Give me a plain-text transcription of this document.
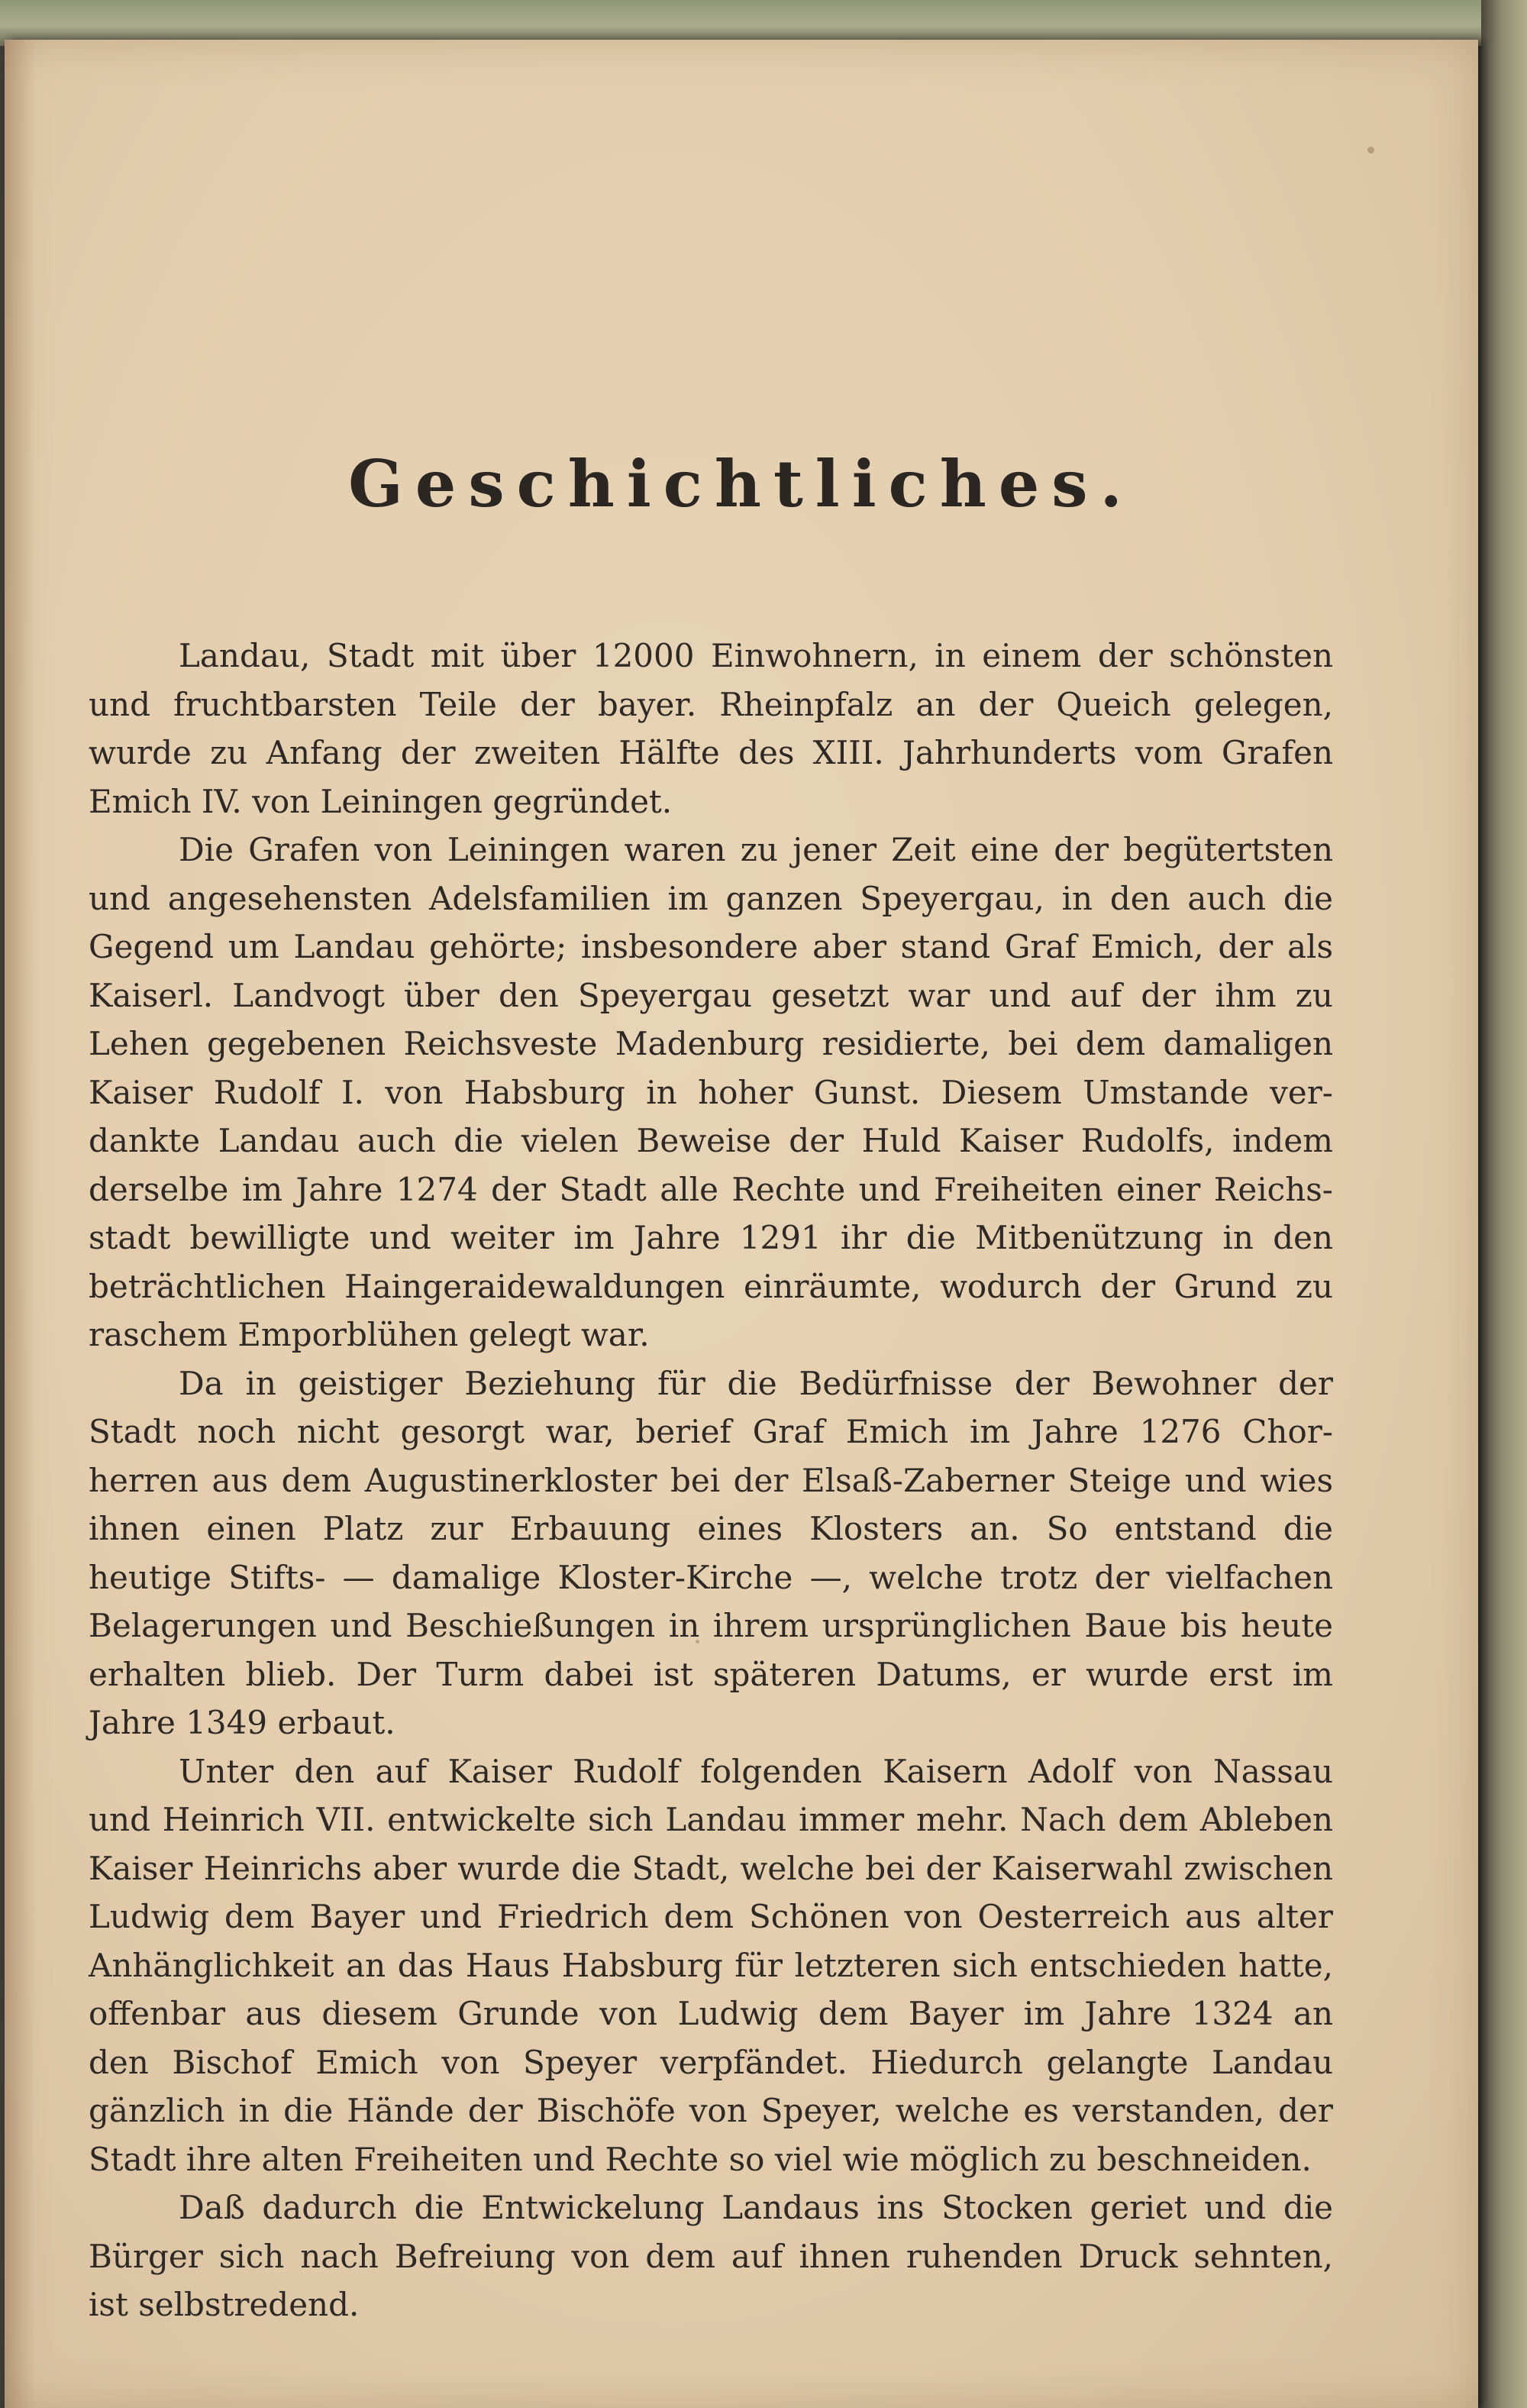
Geschichtliches.
Landau, Stadt mit über 12000 Einwohnern, in einem der schönsten
und fruchtbarsten Teile der bayer. Rheinpfalz an der Queich gelegen,
wurde zu Anfang der zweiten Hälfte des XIII. Jahrhunderts vom Grafen
Emich IV. von Leiningen gegründet.
Die Grafen von Leiningen waren zu jener Zeit eine der begütertsten
und angesehensten Adelsfamilien im ganzen Speyergau, in den auch die
Gegend um Landau gehörte; insbesondere aber stand Graf Emich, der als
Kaiserl. Landvogt über den Speyergau gesetzt war und auf der ihm zu
Lehen gegebenen Reichsveste Madenburg residierte, bei dem damaligen
Kaiser Rudolf I. von Habsburg in hoher Gunst. Diesem Umstande ver-
dankte Landau auch die vielen Beweise der Huld Kaiser Rudolfs, indem
derselbe im Jahre 1274 der Stadt alle Rechte und Freiheiten einer Reichs-
stadt bewilligte und weiter im Jahre 1291 ihr die Mitbenützung in den
beträchtlichen Haingeraidewaldungen einräumte, wodurch der Grund zu
raschem Emporblühen gelegt war.
Da in geistiger Beziehung für die Bedürfnisse der Bewohner der
Stadt noch nicht gesorgt war, berief Graf Emich im Jahre 1276 Chor-
herren aus dem Augustinerkloster bei der Elsaß-Zaberner Steige und wies
ihnen einen Platz zur Erbauung eines Klosters an. So entstand die
heutige Stifts- — damalige Kloster-Kirche —, welche trotz der vielfachen
Belagerungen und Beschießungen in ihrem ursprünglichen Baue bis heute
erhalten blieb. Der Turm dabei ist späteren Datums, er wurde erst im
Jahre 1349 erbaut.
Unter den auf Kaiser Rudolf folgenden Kaisern Adolf von Nassau
und Heinrich VII. entwickelte sich Landau immer mehr. Nach dem Ableben
Kaiser Heinrichs aber wurde die Stadt, welche bei der Kaiserwahl zwischen
Ludwig dem Bayer und Friedrich dem Schönen von Oesterreich aus alter
Anhänglichkeit an das Haus Habsburg für letzteren sich entschieden hatte,
offenbar aus diesem Grunde von Ludwig dem Bayer im Jahre 1324 an
den Bischof Emich von Speyer verpfändet. Hiedurch gelangte Landau
gänzlich in die Hände der Bischöfe von Speyer, welche es verstanden, der
Stadt ihre alten Freiheiten und Rechte so viel wie möglich zu beschneiden.
Daß dadurch die Entwickelung Landaus ins Stocken geriet und die
Bürger sich nach Befreiung von dem auf ihnen ruhenden Druck sehnten,
ist selbstredend.
